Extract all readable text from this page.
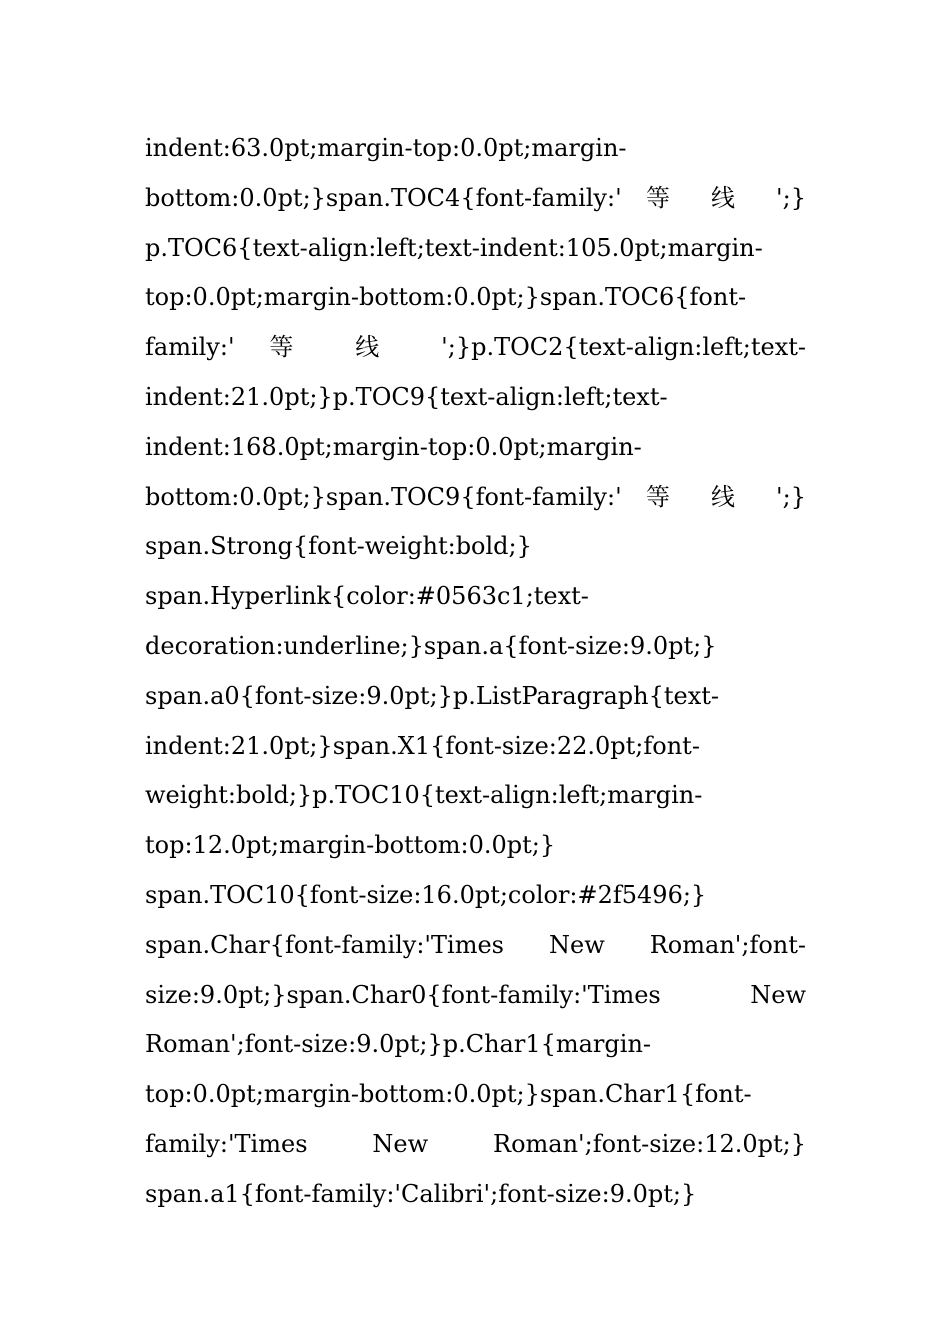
indent:63.0pt;margin-top:0.0pt;margin-
bottom:0.0pt;}span.TOC4{font-family:' 等 线 ';}
p.TOC6{text-align:left;text-indent:105.0pt;margin-
top:0.0pt;margin-bottom:0.0pt;}span.TOC6{font-
family:' 等 线 ';}p.TOC2{text-align:left;text-
indent:21.0pt;}p.TOC9{text-align:left;text-
indent:168.0pt;margin-top:0.0pt;margin-
bottom:0.0pt;}span.TOC9{font-family:' 等 线 ';}
span.Strong{font-weight:bold;}
span.Hyperlink{color:#0563c1;text-
decoration:underline;}span.a{font-size:9.0pt;}
span.a0{font-size:9.0pt;}p.ListParagraph{text-
indent:21.0pt;}span.X1{font-size:22.0pt;font-
weight:bold;}p.TOC10{text-align:left;margin-
top:12.0pt;margin-bottom:0.0pt;}
span.TOC10{font-size:16.0pt;color:#2f5496;}
span.Char{font-family:'Times New Roman';font-
size:9.0pt;}span.Char0{font-family:'Times New
Roman';font-size:9.0pt;}p.Char1{margin-
top:0.0pt;margin-bottom:0.0pt;}span.Char1{font-
family:'Times New Roman';font-size:12.0pt;}
span.a1{font-family:'Calibri';font-size:9.0pt;}
